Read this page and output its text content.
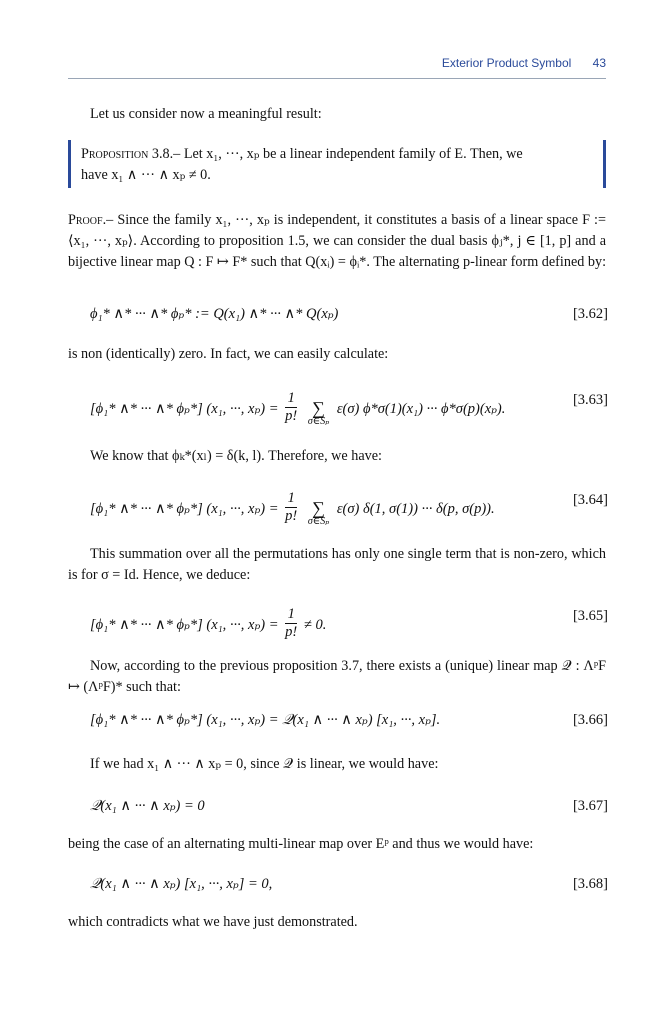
Exterior Product Symbol 43
Let us consider now a meaningful result:
Proposition 3.8.– Let x₁, ···, xₚ be a linear independent family of E. Then, we
have x₁ ∧ ··· ∧ xₚ ≠ 0.
Proof.– Since the family x₁, ···, xₚ is independent, it constitutes a basis of a linear space F := ⟨x₁, ···, xₚ⟩. According to proposition 1.5, we can consider the dual basis ϕⱼ*, j ∈ [1, p] and a bijective linear map Q : F ↦ F* such that Q(xᵢ) = ϕᵢ*. The alternating p-linear form defined by:
ϕ₁* ∧* ··· ∧* ϕₚ* := Q(x₁) ∧* ··· ∧* Q(xₚ)	[3.62]
is non (identically) zero. In fact, we can easily calculate:
[ϕ₁* ∧* ··· ∧* ϕₚ*] (x₁, ···, $x_p) = \frac{1}{p!}$
∑
σ∈Sₚ
ε(σ) ϕ*σ(1)(x₁) ··· ϕ*σ(p)(xₚ).
[3.63]
We know that ϕₖ*(xₗ) = δ(k, l). Therefore, we have:
[ϕ₁* ∧* ··· ∧* ϕₚ*] (x₁, ···, $x_p) = \frac{1}{p!}$
∑
σ∈Sₚ
ε(σ) δ(1, σ(1)) ··· δ(p, σ(p)).
[3.64]
This summation over all the permutations has only one single term that is non-zero, which is for σ = Id. Hence, we deduce:
[ϕ₁* ∧* ··· ∧* ϕₚ*] (x₁, ···, $x_p) = \frac{1}{p!} \ne 0$.
[3.65]
Now, according to the previous proposition 3.7, there exists a (unique) linear map 𝒬 : ΛᵖF ↦ (ΛᵖF)* such that:
[ϕ₁* ∧* ··· ∧* ϕₚ*] (x₁, ···, xₚ) = 𝒬(x₁ ∧ ··· ∧ xₚ) [x₁, ···, xₚ].	[3.66]
If we had x₁ ∧ ··· ∧ xₚ = 0, since 𝒬 is linear, we would have:
𝒬(x₁ ∧ ··· ∧ xₚ) = 0	[3.67]
being the case of an alternating multi-linear map over Eᵖ and thus we would have:
𝒬(x₁ ∧ ··· ∧ xₚ) [x₁, ···, xₚ] = 0,	[3.68]
which contradicts what we have just demonstrated.
